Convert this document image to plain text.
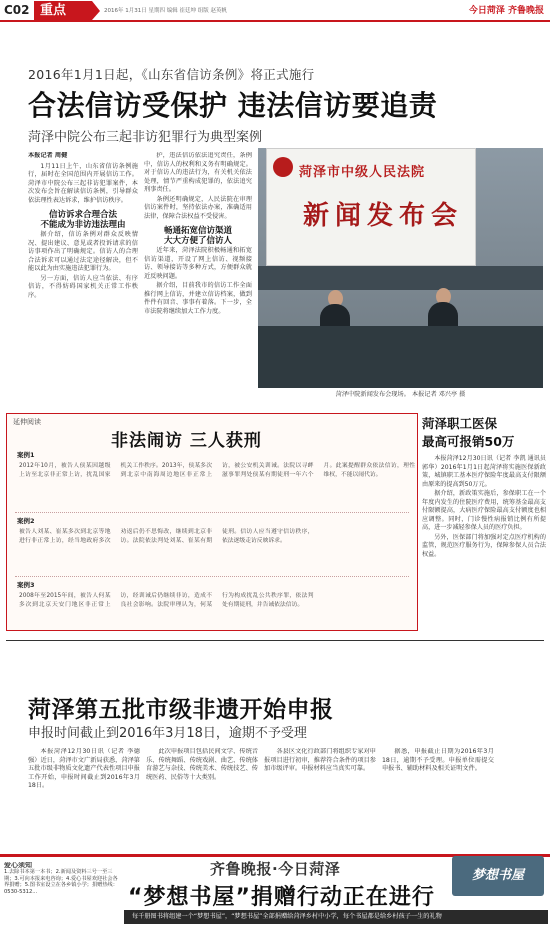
C02 重点	2016年 1月31日 星期四 编辑 崔廷坤 组版 赵英帆	今日菏泽 齐鲁晚报
2016年1月1日起，《山东省信访条例》将正式施行
合法信访受保护 违法信访要追责
菏泽中院公布三起非访犯罪行为典型案例
本报记者 周健

1月11日上午，山东省信访条例施行，届时在全国范围内开展信访工作。菏泽市中院公布三起非访犯罪案件，本次发布会旨在解读信访条例，引导群众依法理性表达诉求，维护信访秩序。

信访诉求合理合法
不能成为非访违法理由

据介绍，信访条例对群众反映情况、提出建议、意见或者投诉请求的信访事项作出了明确规定。信访人的合理合法诉求可以通过法定途径解决，但不能以此为由实施违法犯罪行为。

另一方面，信访人应当依法、有序信访，不得妨碍国家机关正常工作秩序。

护，违法信访依法追究责任，条例中，信访人的权利和义务有明确规定。对于信访人的违法行为，有关机关依法处理，情节严重构成犯罪的，依法追究刑事责任。

条例还明确规定，人民法院在审理信访案件时，坚持依法办案，准确适用法律，保障合法权益不受侵害。

畅通拓宽信访渠道
大大方便了信访人

近年来，菏泽法院积极畅通和拓宽信访渠道，开设了网上信访、视频接访、领导接访等多种方式，方便群众就近反映问题。

据介绍，目前我市的信访工作全面推行网上信访，并建立信访档案，做到件件有回音、事事有着落。下一步，全市法院将继续加大工作力度。

菏泽市中级人民法院
新闻发布会
菏泽中院新闻发布会现场。 本报记者 邓兴亭 摄
延伸阅读
非法闹访 三人获刑
案例1
2012年10月，被告人侯某因越级上访至北京非正常上访，扰乱国家机关工作秩序。2013年，侯某多次到北京中南海周边地区非正常上访，被公安机关训诫。法院以寻衅滋事罪判处侯某有期徒刑一年六个月。此案提醒群众依法信访，理性维权，不能以闹代访。
案例2
被告人刘某、崔某多次到北京等地进行非正常上访，经当地政府多次劝返后仍不思悔改，继续到北京非访。法院依法判处刘某、崔某有期徒刑。信访人应当遵守信访秩序，依法逐级走访反映诉求。
案例3
2008年至2015年间，被告人何某多次到北京天安门地区非正常上访，经训诫后仍继续非访，造成不良社会影响。法院审理认为，何某行为构成扰乱公共秩序罪，依法判处有期徒刑，并告诫依法信访。
菏泽职工医保
最高可报销50万

本报菏泽12月30日讯（记者 李凯 通讯员 郭华）2016年1月1日起菏泽将实施医保新政策，城镇职工基本医疗保险年度最高支付限额由原来的提高到50万元。

据介绍，新政策实施后，参保职工在一个年度内发生的住院医疗费用，统筹基金最高支付限额提高，大病医疗保险最高支付额度也相应调整。同时，门诊慢性病报销比例有所提高，进一步减轻参保人员的医疗负担。

另外，医保部门将加强对定点医疗机构的监管，规范医疗服务行为，保障参保人员合法权益。

菏泽第五批市级非遗开始申报
申报时间截止到2016年3月18日，逾期不予受理

本报菏泽12月30日讯（记者 李德强）近日，菏泽市文广新局获悉，菏泽第五批市级非物质文化遗产代表性项目申报工作开始，申报时间截止到2016年3月18日。

此次申报项目包括民间文学、传统音乐、传统舞蹈、传统戏剧、曲艺、传统体育游艺与杂技、传统美术、传统技艺、传统医药、民俗等十大类别。

各县区文化行政部门将组织专家对申报项目进行初审，推荐符合条件的项目参加市级评审。申报材料应当真实可靠。

据悉，申报截止日期为2016年3月18日，逾期不予受理。申报单位需提交申报书、辅助材料及相关证明文件。

爱心须知
1.去除书本第一本书；2.新闻及资料三号一至三期；3.可向本报来电咨询；4.爱心书屋欢迎社会各界捐赠；5.图书室设立在各乡镇小学；捐赠热线：0530-5312...
齐鲁晚报·今日菏泽
“梦想书屋”捐赠行动正在进行
每千册图书将组建一个“梦想书屋”，“梦想书屋”全部捐赠给菏泽乡村中小学，每个书屋都是给乡村孩子一生的礼物
梦想书屋
